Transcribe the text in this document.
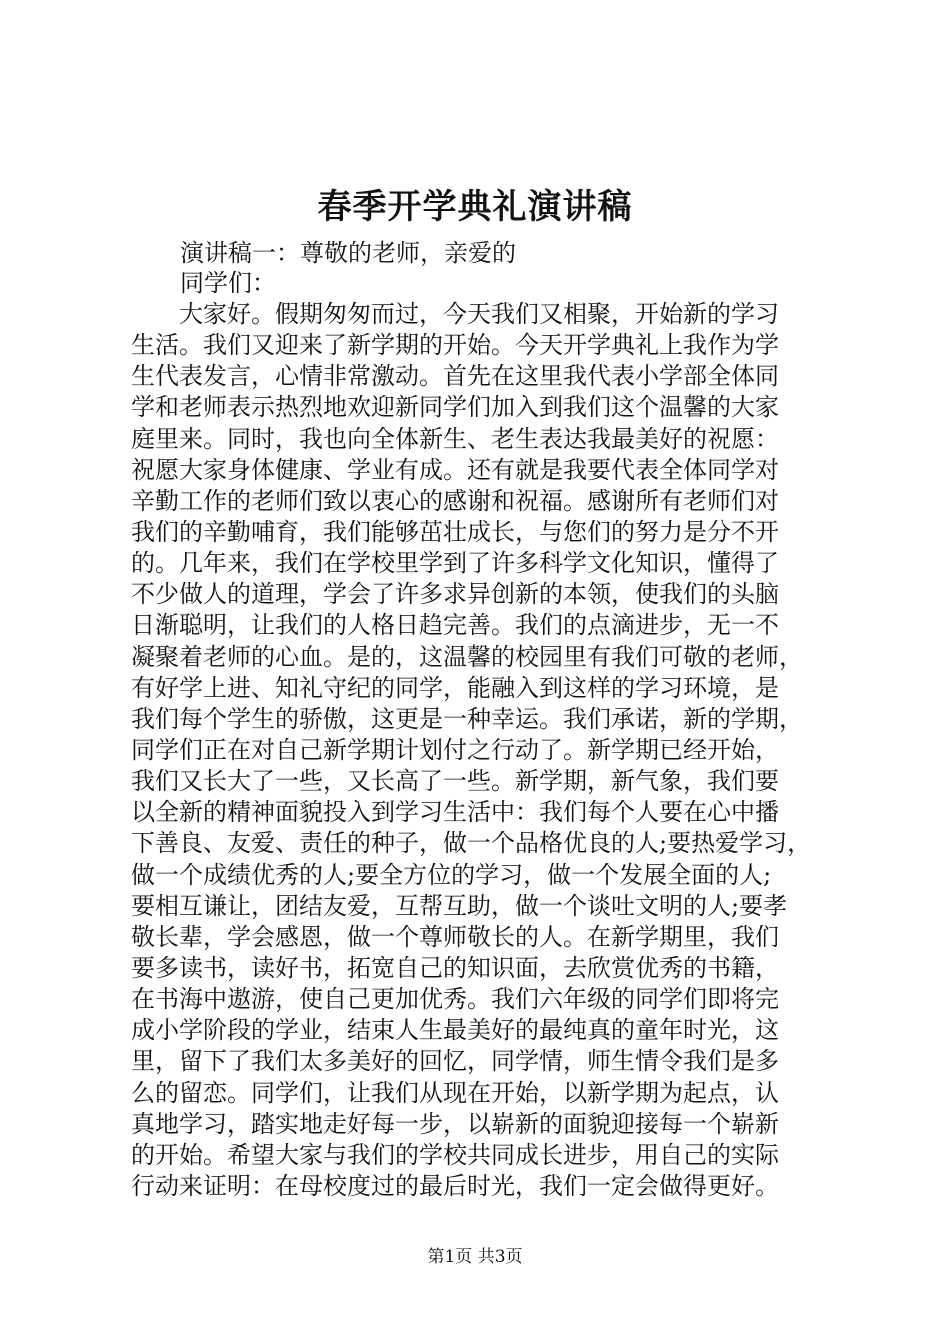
春季开学典礼演讲稿
演讲稿一：尊敬的老师，亲爱的
同学们：
大家好。假期匆匆而过，今天我们又相聚，开始新的学习
生活。我们又迎来了新学期的开始。今天开学典礼上我作为学
生代表发言，心情非常激动。首先在这里我代表小学部全体同
学和老师表示热烈地欢迎新同学们加入到我们这个温馨的大家
庭里来。同时，我也向全体新生、老生表达我最美好的祝愿：
祝愿大家身体健康、学业有成。还有就是我要代表全体同学对
辛勤工作的老师们致以衷心的感谢和祝福。感谢所有老师们对
我们的辛勤哺育，我们能够茁壮成长，与您们的努力是分不开
的。几年来，我们在学校里学到了许多科学文化知识，懂得了
不少做人的道理，学会了许多求异创新的本领，使我们的头脑
日渐聪明，让我们的人格日趋完善。我们的点滴进步，无一不
凝聚着老师的心血。是的，这温馨的校园里有我们可敬的老师，
有好学上进、知礼守纪的同学，能融入到这样的学习环境，是
我们每个学生的骄傲，这更是一种幸运。我们承诺，新的学期，
同学们正在对自己新学期计划付之行动了。新学期已经开始，
我们又长大了一些，又长高了一些。新学期，新气象，我们要
以全新的精神面貌投入到学习生活中：我们每个人要在心中播
下善良、友爱、责任的种子，做一个品格优良的人;要热爱学习，
做一个成绩优秀的人;要全方位的学习，做一个发展全面的人;
要相互谦让，团结友爱，互帮互助，做一个谈吐文明的人;要孝
敬长辈，学会感恩，做一个尊师敬长的人。在新学期里，我们
要多读书，读好书，拓宽自己的知识面，去欣赏优秀的书籍，
在书海中遨游，使自己更加优秀。我们六年级的同学们即将完
成小学阶段的学业，结束人生最美好的最纯真的童年时光，这
里，留下了我们太多美好的回忆，同学情，师生情令我们是多
么的留恋。同学们，让我们从现在开始，以新学期为起点，认
真地学习，踏实地走好每一步，以崭新的面貌迎接每一个崭新
的开始。希望大家与我们的学校共同成长进步，用自己的实际
行动来证明：在母校度过的最后时光，我们一定会做得更好。
第1页 共3页
